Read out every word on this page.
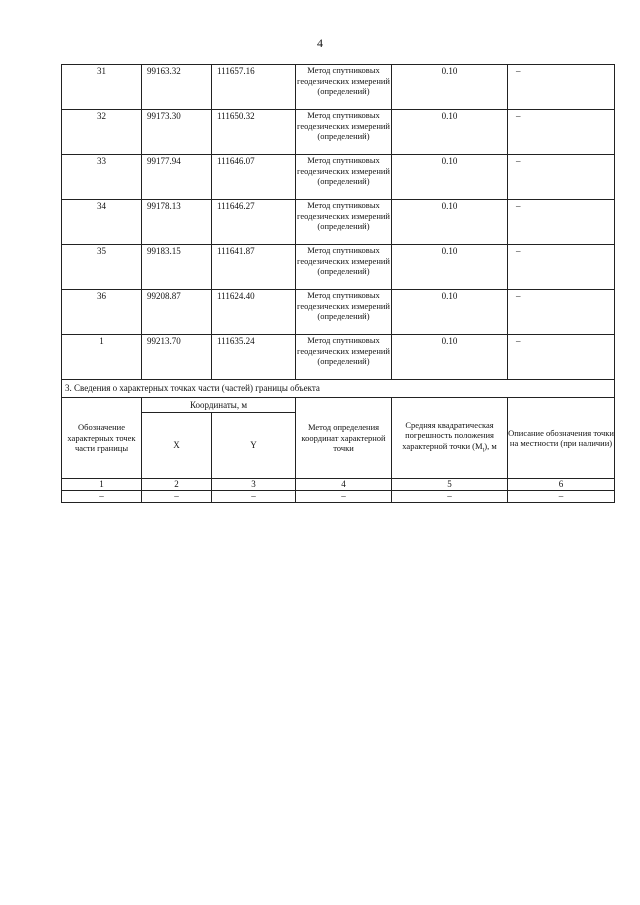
4
31	99163.32	111657.16	Метод спутниковых геодезических измерений (определений)	0.10	–
32	99173.30	111650.32	Метод спутниковых геодезических измерений (определений)	0.10	–
33	99177.94	111646.07	Метод спутниковых геодезических измерений (определений)	0.10	–
34	99178.13	111646.27	Метод спутниковых геодезических измерений (определений)	0.10	–
35	99183.15	111641.87	Метод спутниковых геодезических измерений (определений)	0.10	–
36	99208.87	111624.40	Метод спутниковых геодезических измерений (определений)	0.10	–
1	99213.70	111635.24	Метод спутниковых геодезических измерений (определений)	0.10	–
3. Сведения о характерных точках части (частей) границы объекта					
Обозначение характерных точек части границы	Координаты, м		Метод определения координат характерной точки	Средняя квадратическая погрешность положения характерной точки $(M_t)$, м	Описание обозначения точки на местности (при наличии)
	X	Y			
1	2	3	4	5	6
–	–	–	–	–	–
